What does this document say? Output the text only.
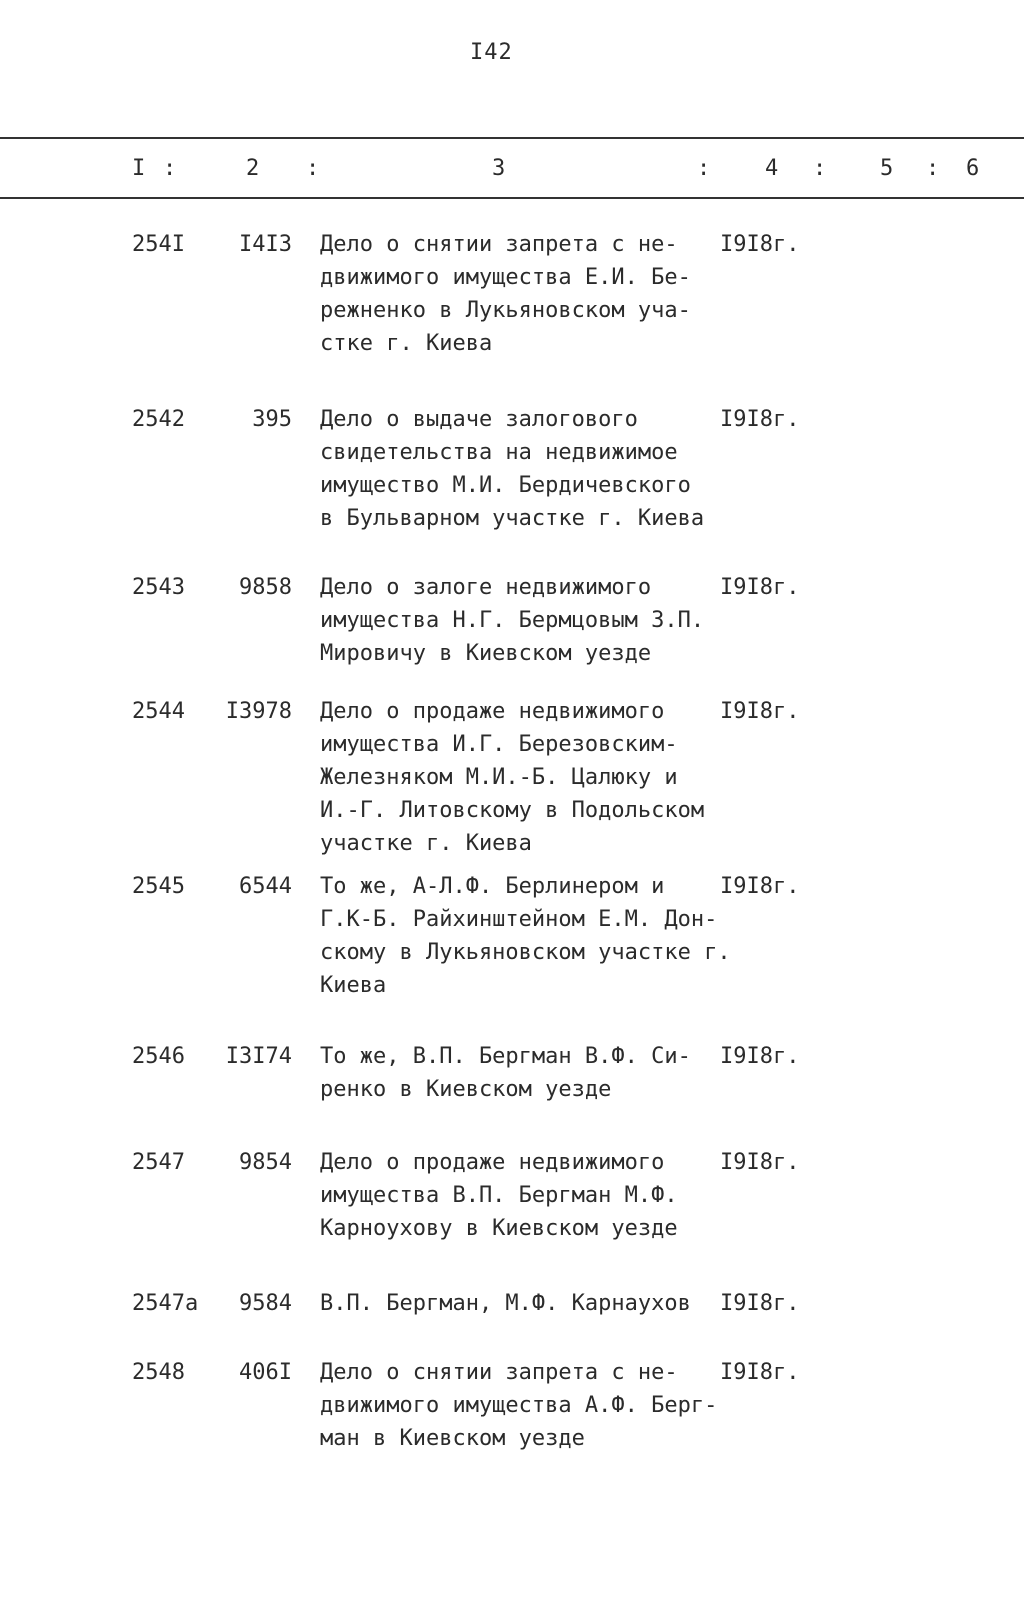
I42
I :	2 :	3	: 4 : 5 : 6
254I	I4I3 Дело о снятии запрета с не-
движимого имущества Е.И. Бе-
режненко в Лукьяновском уча-
стке г. Киева
I9I8г.
2542	395 Дело о выдаче залогового
свидетельства на недвижимое
имущество М.И. Бердичевского
в Бульварном участке г. Киева
I9I8г.
2543	9858 Дело о залоге недвижимого
имущества Н.Г. Бермцовым З.П.
Мировичу в Киевском уезде
I9I8г.
2544	I3978 Дело о продаже недвижимого
имущества И.Г. Березовским-
Железняком М.И.-Б. Цалюку и
И.-Г. Литовскому в Подольском
участке г. Киева
I9I8г.
2545	6544 То же, А-Л.Ф. Берлинером и
Г.К-Б. Райхинштейном Е.М. Дон-
скому в Лукьяновском участке г.
Киева
I9I8г.
2546	I3I74 То же, В.П. Бергман В.Ф. Си-
ренко в Киевском уезде
I9I8г.
2547	9854 Дело о продаже недвижимого
имущества В.П. Бергман М.Ф.
Карноухову в Киевском уезде
I9I8г.
2547а	9584 В.П. Бергман, М.Ф. Карнаухов	I9I8г.
2548	406I Дело о снятии запрета с не-
движимого имущества А.Ф. Берг-
ман в Киевском уезде
I9I8г.
